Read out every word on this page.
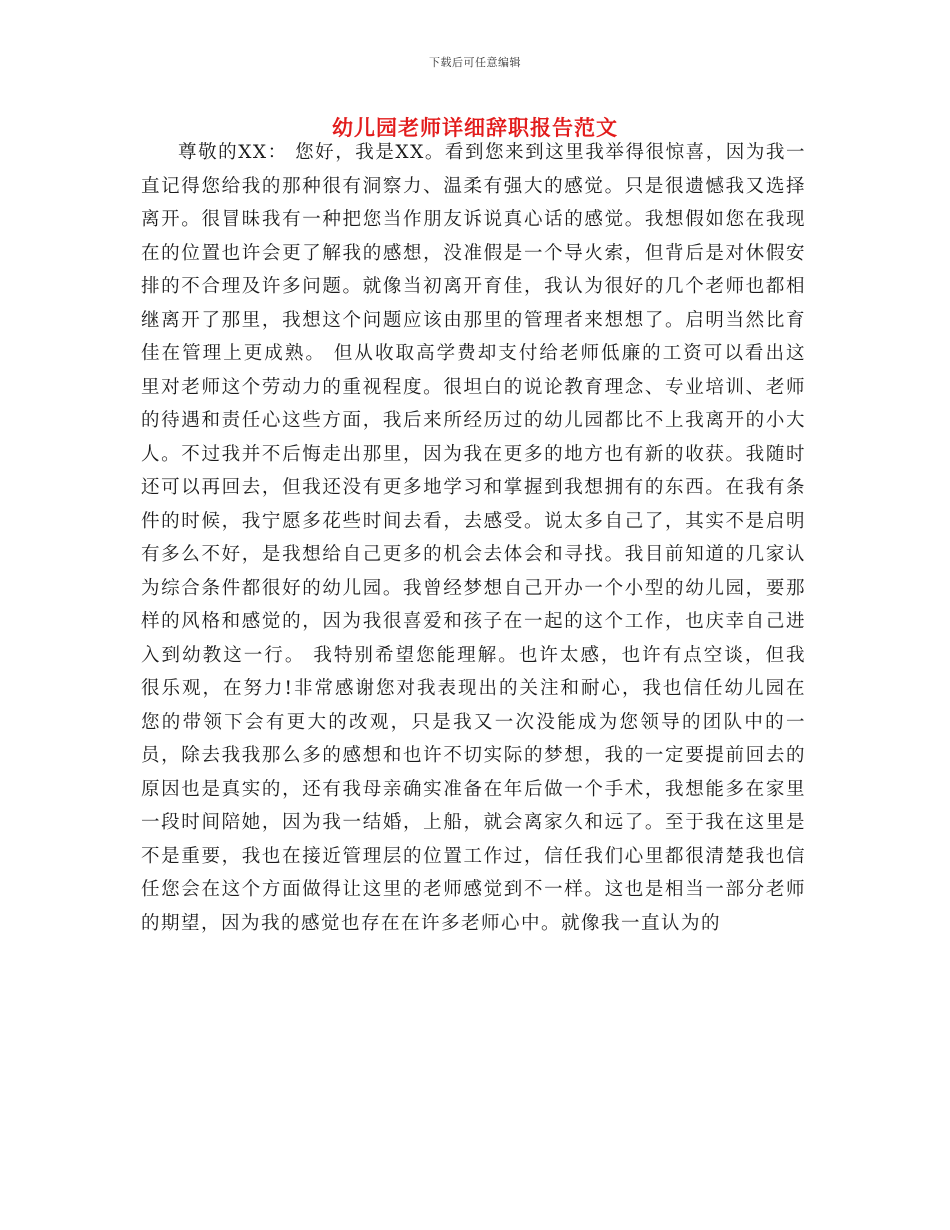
下载后可任意编辑
幼儿园老师详细辞职报告范文

尊敬的XX： 您好，我是XX。看到您来到这里我举得很惊喜，因为我一直记得您给我的那种很有洞察力、温柔有强大的感觉。只是很遗憾我又选择离开。很冒昧我有一种把您当作朋友诉说真心话的感觉。我想假如您在我现在的位置也许会更了解我的感想，没准假是一个导火索，但背后是对休假安排的不合理及许多问题。就像当初离开育佳，我认为很好的几个老师也都相继离开了那里，我想这个问题应该由那里的管理者来想想了。启明当然比育佳在管理上更成熟。 但从收取高学费却支付给老师低廉的工资可以看出这里对老师这个劳动力的重视程度。很坦白的说论教育理念、专业培训、老师的待遇和责任心这些方面，我后来所经历过的幼儿园都比不上我离开的小大人。不过我并不后悔走出那里，因为我在更多的地方也有新的收获。我随时还可以再回去，但我还没有更多地学习和掌握到我想拥有的东西。在我有条件的时候，我宁愿多花些时间去看，去感受。说太多自己了，其实不是启明有多么不好，是我想给自己更多的机会去体会和寻找。我目前知道的几家认为综合条件都很好的幼儿园。我曾经梦想自己开办一个小型的幼儿园，要那样的风格和感觉的，因为我很喜爱和孩子在一起的这个工作，也庆幸自己进入到幼教这一行。 我特别希望您能理解。也许太感，也许有点空谈，但我很乐观，在努力!非常感谢您对我表现出的关注和耐心，我也信任幼儿园在您的带领下会有更大的改观，只是我又一次没能成为您领导的团队中的一员，除去我我那么多的感想和也许不切实际的梦想，我的一定要提前回去的原因也是真实的，还有我母亲确实准备在年后做一个手术，我想能多在家里一段时间陪她，因为我一结婚，上船，就会离家久和远了。至于我在这里是不是重要，我也在接近管理层的位置工作过，信任我们心里都很清楚我也信任您会在这个方面做得让这里的老师感觉到不一样。这也是相当一部分老师的期望，因为我的感觉也存在在许多老师心中。就像我一直认为的
